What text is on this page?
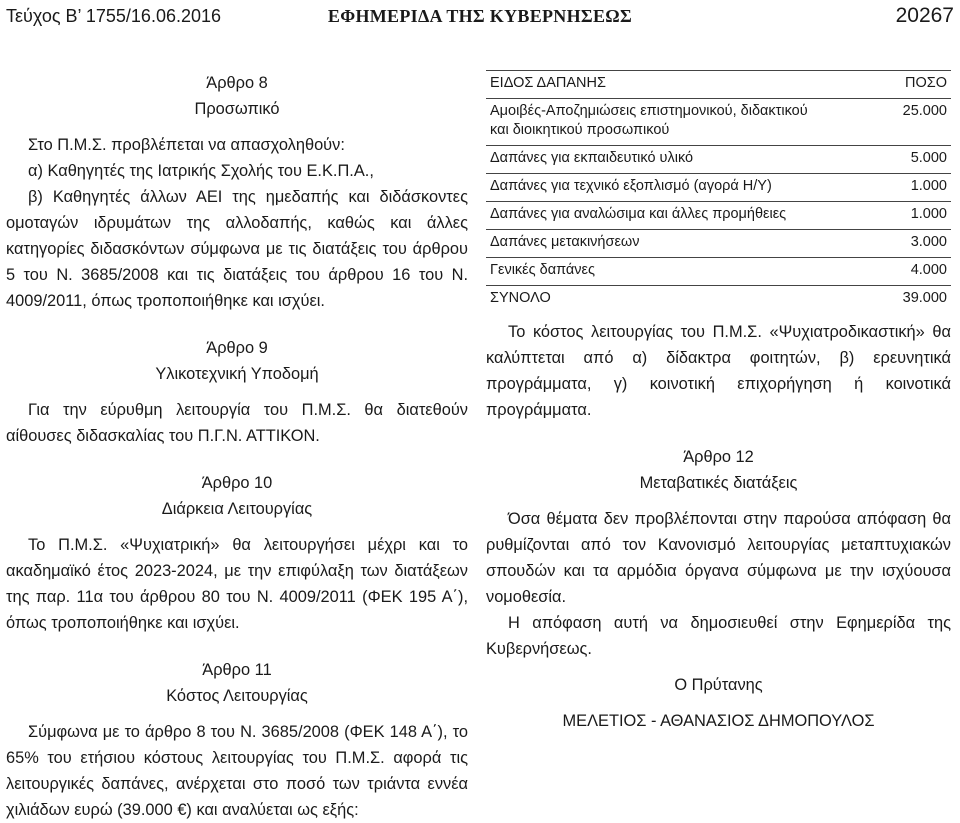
Τεύχος Β’ 1755/16.06.2016	ΕΦΗΜΕΡΙΔΑ ΤΗΣ ΚΥΒΕΡΝΗΣΕΩΣ	20267

Άρθρο 8

Προσωπικό

Στο Π.Μ.Σ. προβλέπεται να απασχοληθούν:

α) Καθηγητές της Ιατρικής Σχολής του Ε.Κ.Π.Α.,

β) Καθηγητές άλλων ΑΕΙ της ημεδαπής και διδάσκοντες ομοταγών ιδρυμάτων της αλλοδαπής, καθώς και άλλες κατηγορίες διδασκόντων σύμφωνα με τις διατάξεις του άρθρου 5 του Ν. 3685/2008 και τις διατάξεις του άρθρου 16 του Ν. 4009/2011, όπως τροποποιήθηκε και ισχύει.

Άρθρο 9

Υλικοτεχνική Υποδομή

Για την εύρυθμη λειτουργία του Π.Μ.Σ. θα διατεθούν αίθουσες διδασκαλίας του Π.Γ.Ν. ΑΤΤΙΚΟΝ.

Άρθρο 10

Διάρκεια Λειτουργίας

Το Π.Μ.Σ. «Ψυχιατρική» θα λειτουργήσει μέχρι και το ακαδημαϊκό έτος 2023-2024, με την επιφύλαξη των διατάξεων της παρ. 11α του άρθρου 80 του Ν. 4009/2011 (ΦΕΚ 195 Α΄), όπως τροποποιήθηκε και ισχύει.

Άρθρο 11

Κόστος Λειτουργίας

Σύμφωνα με το άρθρο 8 του Ν. 3685/2008 (ΦΕΚ 148 Α΄), το 65% του ετήσιου κόστους λειτουργίας του Π.Μ.Σ. αφορά τις λειτουργικές δαπάνες, ανέρχεται στο ποσό των τριάντα εννέα χιλιάδων ευρώ (39.000 €) και αναλύεται ως εξής:

ΕΙΔΟΣ ΔΑΠΑΝΗΣ	ΠΟΣΟ
Αμοιβές-Αποζημιώσεις επιστημονικού, διδακτικού και διοικητικού προσωπικού	25.000
Δαπάνες για εκπαιδευτικό υλικό	5.000
Δαπάνες για τεχνικό εξοπλισμό (αγορά Η/Υ)	1.000
Δαπάνες για αναλώσιμα και άλλες προμήθειες	1.000
Δαπάνες μετακινήσεων	3.000
Γενικές δαπάνες	4.000
ΣΥΝΟΛΟ	39.000

Το κόστος λειτουργίας του Π.Μ.Σ. «Ψυχιατροδικαστική» θα καλύπτεται από α) δίδακτρα φοιτητών, β) ερευνητικά προγράμματα, γ) κοινοτική επιχορήγηση ή κοινοτικά προγράμματα.

Άρθρο 12

Μεταβατικές διατάξεις

Όσα θέματα δεν προβλέπονται στην παρούσα απόφαση θα ρυθμίζονται από τον Κανονισμό λειτουργίας μεταπτυχιακών σπουδών και τα αρμόδια όργανα σύμφωνα με την ισχύουσα νομοθεσία.

Η απόφαση αυτή να δημοσιευθεί στην Εφημερίδα της Κυβερνήσεως.

Ο Πρύτανης

ΜΕΛΕΤΙΟΣ - ΑΘΑΝΑΣΙΟΣ ΔΗΜΟΠΟΥΛΟΣ
